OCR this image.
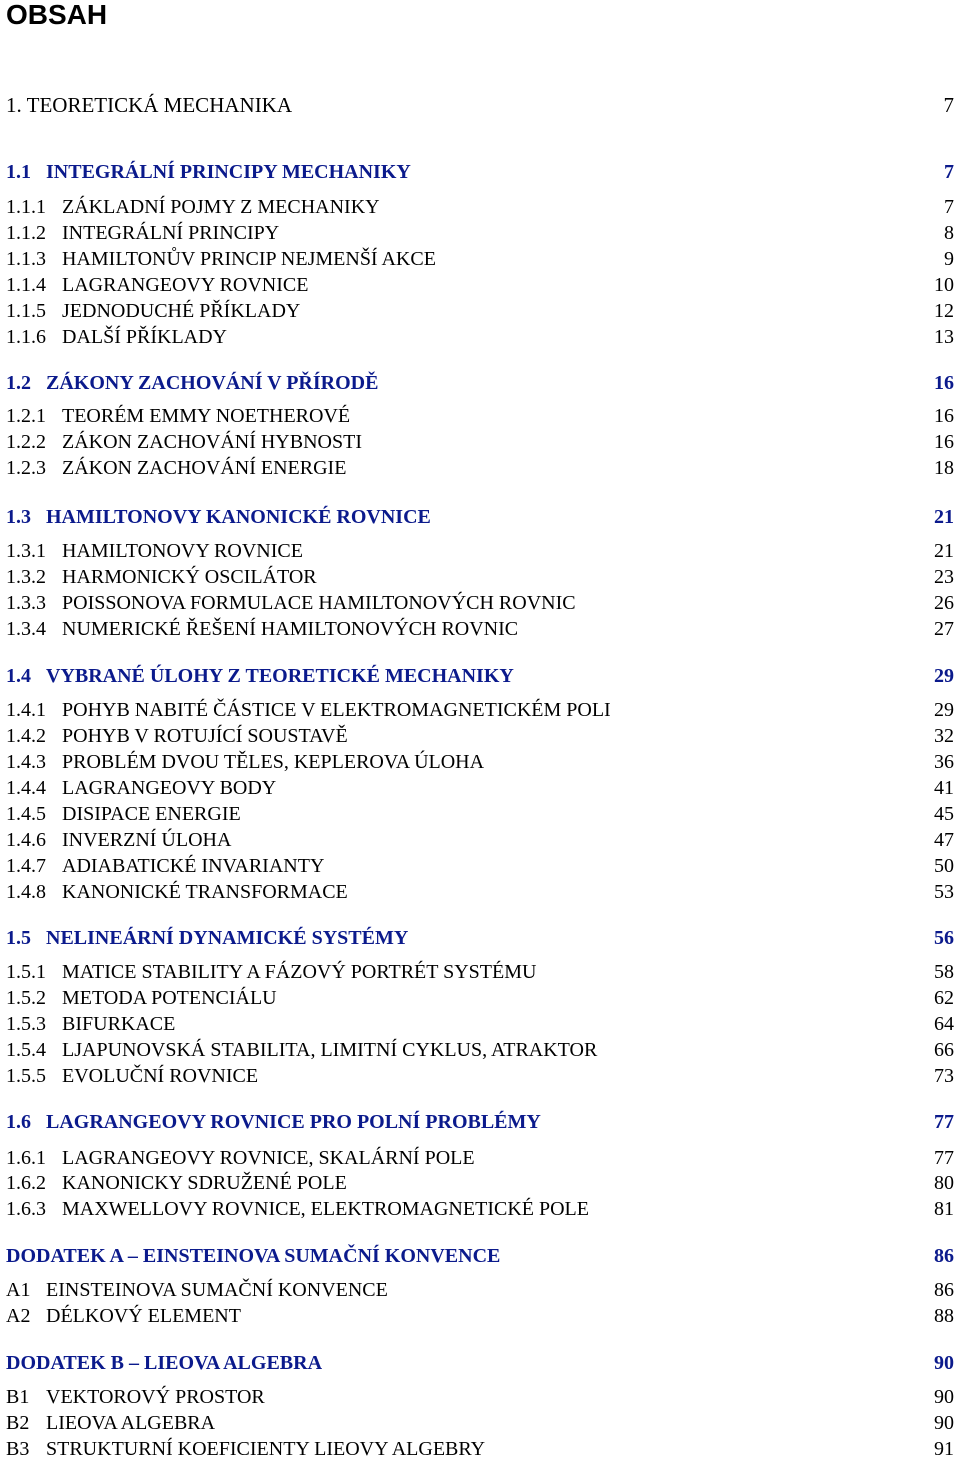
OBSAH
1. TEORETICKÁ MECHANIKA	7
1.1 INTEGRÁLNÍ PRINCIPY MECHANIKY	7
1.1.1 ZÁKLADNÍ POJMY Z MECHANIKY	7
1.1.2 INTEGRÁLNÍ PRINCIPY	8
1.1.3 HAMILTONŮV PRINCIP NEJMENŠÍ AKCE	9
1.1.4 LAGRANGEOVY ROVNICE	10
1.1.5 JEDNODUCHÉ PŘÍKLADY	12
1.1.6 DALŠÍ PŘÍKLADY	13
1.2 ZÁKONY ZACHOVÁNÍ V PŘÍRODĚ	16
1.2.1 TEORÉM EMMY NOETHEROVÉ	16
1.2.2 ZÁKON ZACHOVÁNÍ HYBNOSTI	16
1.2.3 ZÁKON ZACHOVÁNÍ ENERGIE	18
1.3 HAMILTONOVY KANONICKÉ ROVNICE	21
1.3.1 HAMILTONOVY ROVNICE	21
1.3.2 HARMONICKÝ OSCILÁTOR	23
1.3.3 POISSONOVA FORMULACE HAMILTONOVÝCH ROVNIC	26
1.3.4 NUMERICKÉ ŘEŠENÍ HAMILTONOVÝCH ROVNIC	27
1.4 VYBRANÉ ÚLOHY Z TEORETICKÉ MECHANIKY	29
1.4.1 POHYB NABITÉ ČÁSTICE V ELEKTROMAGNETICKÉM POLI	29
1.4.2 POHYB V ROTUJÍCÍ SOUSTAVĚ	32
1.4.3 PROBLÉM DVOU TĚLES, KEPLEROVA ÚLOHA	36
1.4.4 LAGRANGEOVY BODY	41
1.4.5 DISIPACE ENERGIE	45
1.4.6 INVERZNÍ ÚLOHA	47
1.4.7 ADIABATICKÉ INVARIANTY	50
1.4.8 KANONICKÉ TRANSFORMACE	53
1.5 NELINEÁRNÍ DYNAMICKÉ SYSTÉMY	56
1.5.1 MATICE STABILITY A FÁZOVÝ PORTRÉT SYSTÉMU	58
1.5.2 METODA POTENCIÁLU	62
1.5.3 BIFURKACE	64
1.5.4 LJAPUNOVSKÁ STABILITA, LIMITNÍ CYKLUS, ATRAKTOR	66
1.5.5 EVOLUČNÍ ROVNICE	73
1.6 LAGRANGEOVY ROVNICE PRO POLNÍ PROBLÉMY	77
1.6.1 LAGRANGEOVY ROVNICE, SKALÁRNÍ POLE	77
1.6.2 KANONICKY SDRUŽENÉ POLE	80
1.6.3 MAXWELLOVY ROVNICE, ELEKTROMAGNETICKÉ POLE	81
DODATEK A – EINSTEINOVA SUMAČNÍ KONVENCE	86
A1 EINSTEINOVA SUMAČNÍ KONVENCE	86
A2 DÉLKOVÝ ELEMENT	88
DODATEK B – LIEOVA ALGEBRA	90
B1 VEKTOROVÝ PROSTOR	90
B2 LIEOVA ALGEBRA	90
B3 STRUKTURNÍ KOEFICIENTY LIEOVY ALGEBRY	91
